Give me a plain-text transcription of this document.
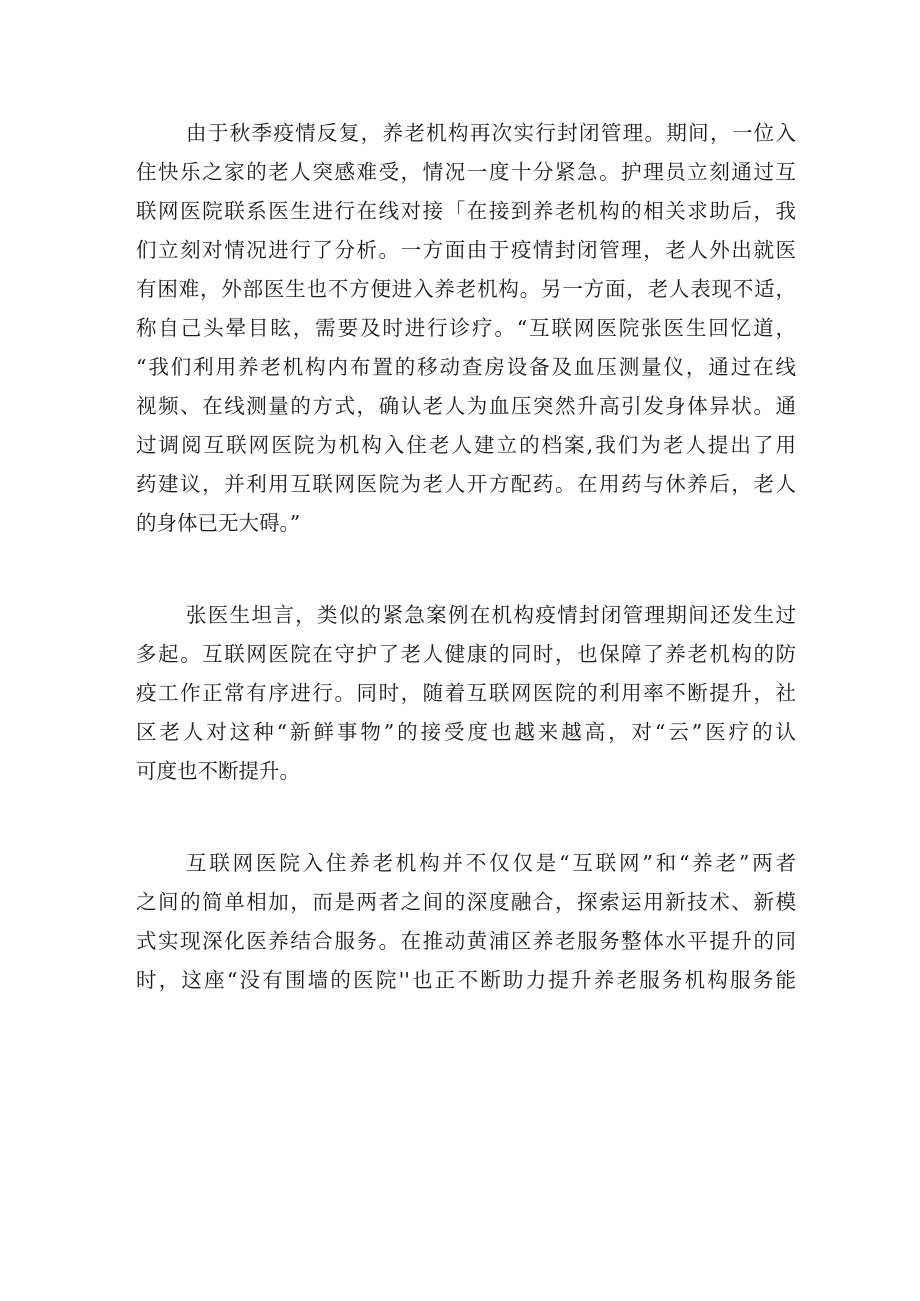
由于秋季疫情反复，养老机构再次实行封闭管理。期间，一位入
住快乐之家的老人突感难受，情况一度十分紧急。护理员立刻通过互
联网医院联系医生进行在线对接「在接到养老机构的相关求助后，我
们立刻对情况进行了分析。一方面由于疫情封闭管理，老人外出就医
有困难，外部医生也不方便进入养老机构。另一方面，老人表现不适，
称自己头晕目眩，需要及时进行诊疗。“互联网医院张医生回忆道，
“我们利用养老机构内布置的移动查房设备及血压测量仪，通过在线
视频、在线测量的方式，确认老人为血压突然升高引发身体异状。通
过调阅互联网医院为机构入住老人建立的档案,我们为老人提出了用
药建议，并利用互联网医院为老人开方配药。在用药与休养后，老人
的身体已无大碍。”
张医生坦言，类似的紧急案例在机构疫情封闭管理期间还发生过
多起。互联网医院在守护了老人健康的同时，也保障了养老机构的防
疫工作正常有序进行。同时，随着互联网医院的利用率不断提升，社
区老人对这种“新鲜事物”的接受度也越来越高，对“云”医疗的认
可度也不断提升。
互联网医院入住养老机构并不仅仅是“互联网”和“养老”两者
之间的简单相加，而是两者之间的深度融合，探索运用新技术、新模
式实现深化医养结合服务。在推动黄浦区养老服务整体水平提升的同
时，这座“没有围墙的医院''也正不断助力提升养老服务机构服务能
